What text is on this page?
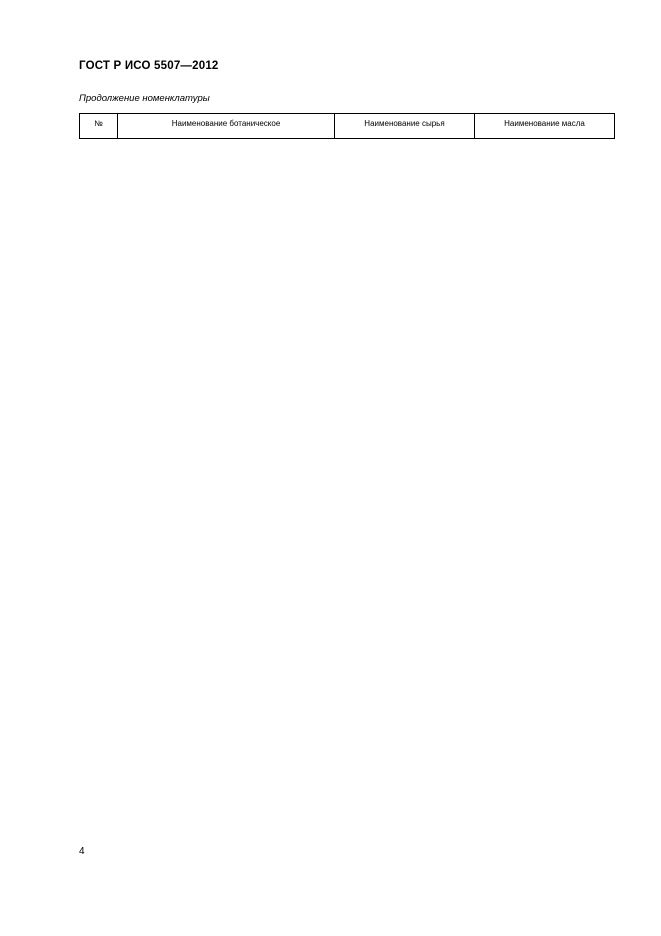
ГОСТ Р ИСО 5507—2012
Продолжение номенклатуры
№	Наименование ботаническое	Наименование сырья	Наименование масла
4
